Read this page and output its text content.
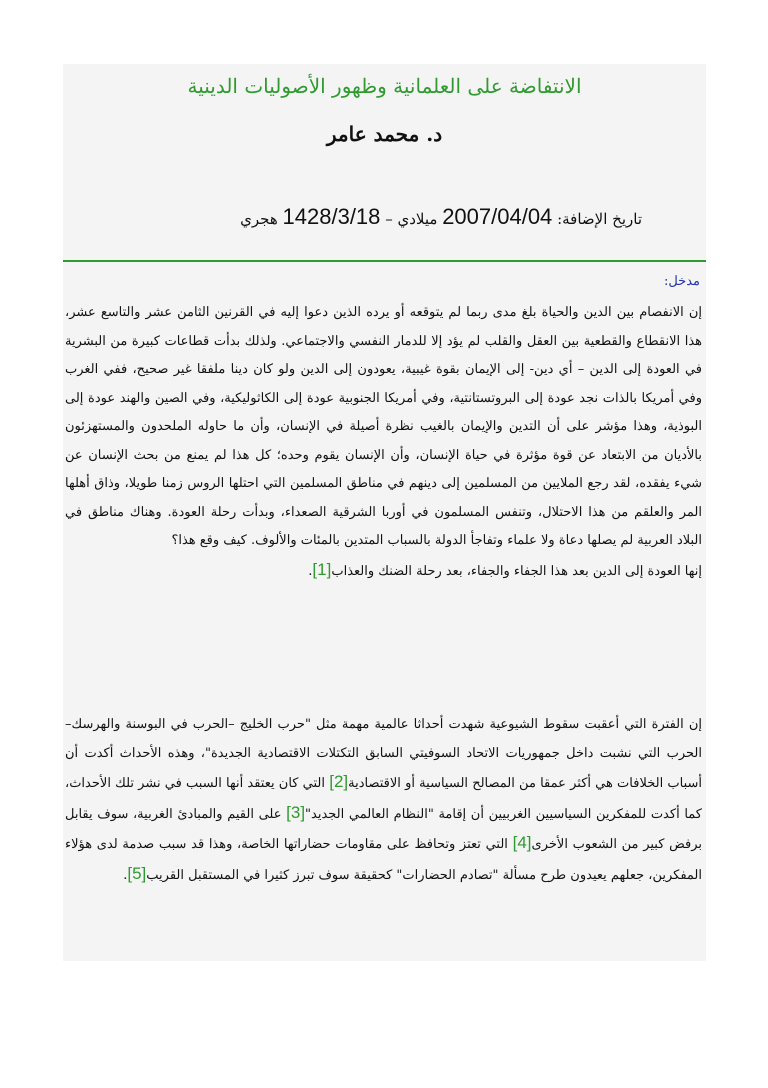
الانتفاضة على العلمانية وظهور الأصوليات الدينية
د. محمد عامر
تاريخ الإضافة: 2007/04/04 ميلادي – 1428/3/18 هجري
مدخل:
إن الانفصام بين الدين والحياة بلغ مدى ربما لم يتوقعه أو يرده الذين دعوا إليه في القرنين الثامن عشر والتاسع عشر، هذا الانقطاع والقطعية بين العقل والقلب لم يؤد إلا للدمار النفسي والاجتماعي. ولذلك بدأت قطاعات كبيرة من البشرية في العودة إلى الدين – أي دين- إلى الإيمان بقوة غيبية، يعودون إلى الدين ولو كان دينا ملفقا غير صحيح، ففي الغرب وفي أمريكا بالذات نجد عودة إلى البروتستانتية، وفي أمريكا الجنوبية عودة إلى الكاثوليكية، وفي الصين والهند عودة إلى البوذية، وهذا مؤشر على أن التدين والإيمان بالغيب نظرة أصيلة في الإنسان، وأن ما حاوله الملحدون والمستهزئون بالأديان من الابتعاد عن قوة مؤثرة في حياة الإنسان، وأن الإنسان يقوم وحده؛ كل هذا لم يمنع من بحث الإنسان عن شيء يفقده، لقد رجع الملايين من المسلمين إلى دينهم في مناطق المسلمين التي احتلها الروس زمنا طويلا، وذاق أهلها المر والعلقم من هذا الاحتلال، وتنفس المسلمون في أوربا الشرقية الصعداء، وبدأت رحلة العودة. وهناك مناطق في البلاد العربية لم يصلها دعاة ولا علماء وتفاجأ الدولة بالسباب المتدين بالمئات والألوف. كيف وقع هذا؟
إنها العودة إلى الدين بعد هذا الجفاء والجفاء، بعد رحلة الضنك والعذاب[1].
إن الفترة التي أعقبت سقوط الشيوعية شهدت أحداثا عالمية مهمة مثل "حرب الخليج –الحرب في البوسنة والهرسك– الحرب التي نشبت داخل جمهوريات الاتحاد السوفيتي السابق التكتلات الاقتصادية الجديدة"، وهذه الأحداث أكدت أن أسباب الخلافات هي أكثر عمقا من المصالح السياسية أو الاقتصادية[2] التي كان يعتقد أنها السبب في نشر تلك الأحداث، كما أكدت للمفكرين السياسيين الغربيين أن إقامة "النظام العالمي الجديد"[3] على القيم والمبادئ الغربية، سوف يقابل برفض كبير من الشعوب الأخرى[4] التي تعتز وتحافظ على مقاومات حضاراتها الخاصة، وهذا قد سبب صدمة لدى هؤلاء المفكرين، جعلهم يعيدون طرح مسألة "تصادم الحضارات" كحقيقة سوف تبرز كثيرا في المستقبل القريب[5].
